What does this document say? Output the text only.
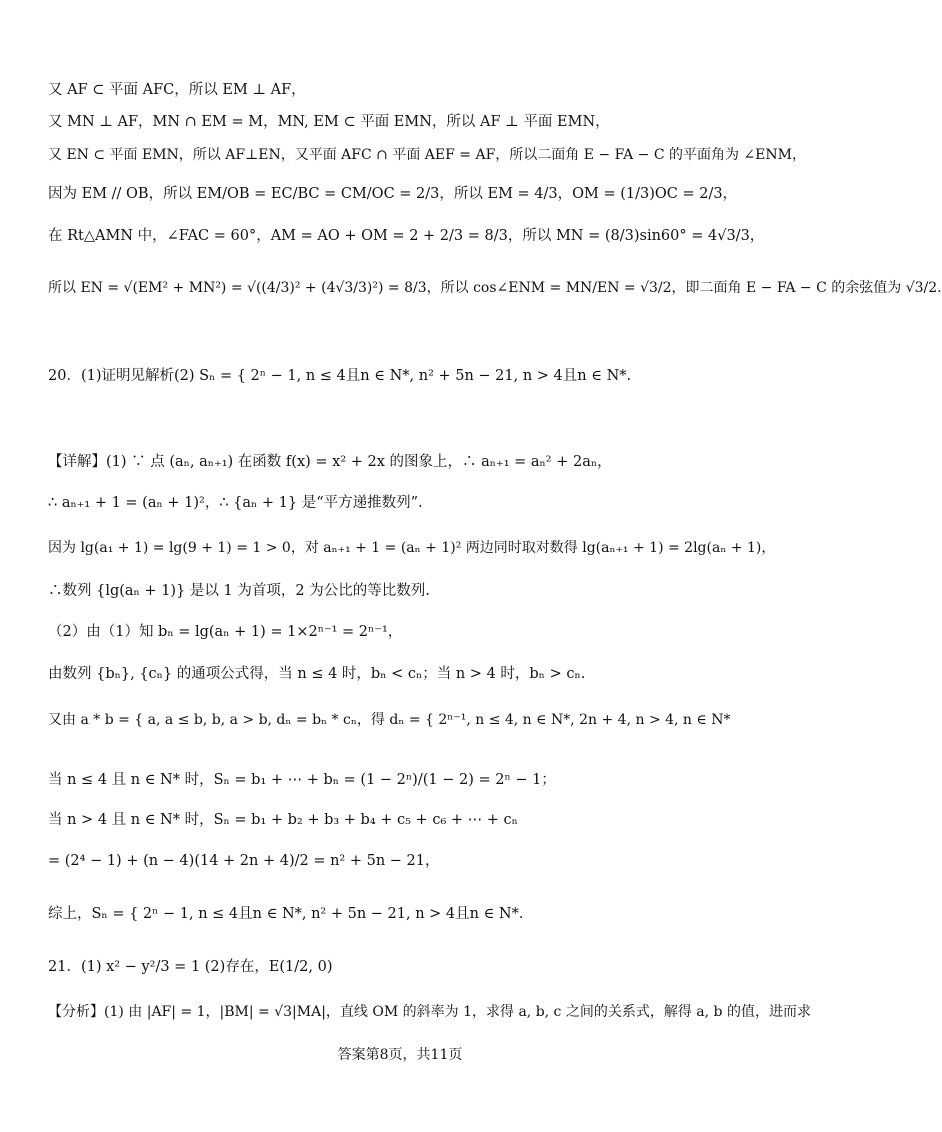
又 AF ⊂ 平面 AFC，所以 EM ⊥ AF，
又 MN ⊥ AF，MN ∩ EM = M，MN, EM ⊂ 平面 EMN，所以 AF ⊥ 平面 EMN，
又 EN ⊂ 平面 EMN，所以 AF⊥EN，又平面 AFC ∩ 平面 AEF = AF，所以二面角 E − FA − C 的平面角为 ∠ENM，
因为 EM // OB，所以 EM/OB = EC/BC = CM/OC = 2/3，所以 EM = 4/3，OM = (1/3)OC = 2/3，
在 Rt△AMN 中，∠FAC = 60°，AM = AO + OM = 2 + 2/3 = 8/3，所以 MN = (8/3)sin60° = 4√3/3，
所以 EN = √(EM² + MN²) = √((4/3)² + (4√3/3)²) = 8/3，所以 cos∠ENM = MN/EN = √3/2，即二面角 E − FA − C 的余弦值为 √3/2.
20．(1)证明见解析(2) Sₙ = { 2ⁿ − 1, n ≤ 4且n ∈ N*, n² + 5n − 21, n > 4且n ∈ N*.
【详解】(1) ∵ 点 (aₙ, aₙ₊₁) 在函数 f(x) = x² + 2x 的图象上，∴ aₙ₊₁ = aₙ² + 2aₙ，
∴ aₙ₊₁ + 1 = (aₙ + 1)²，∴ {aₙ + 1} 是“平方递推数列”.
因为 lg(a₁ + 1) = lg(9 + 1) = 1 > 0，对 aₙ₊₁ + 1 = (aₙ + 1)² 两边同时取对数得 lg(aₙ₊₁ + 1) = 2lg(aₙ + 1)，
∴数列 {lg(aₙ + 1)} 是以 1 为首项，2 为公比的等比数列.
（2）由（1）知 bₙ = lg(aₙ + 1) = 1×2ⁿ⁻¹ = 2ⁿ⁻¹，
由数列 {bₙ}, {cₙ} 的通项公式得，当 n ≤ 4 时，bₙ < cₙ；当 n > 4 时，bₙ > cₙ.
又由 a * b = { a, a ≤ b, b, a > b, dₙ = bₙ * cₙ，得 dₙ = { 2ⁿ⁻¹, n ≤ 4, n ∈ N*, 2n + 4, n > 4, n ∈ N*
当 n ≤ 4 且 n ∈ N* 时，Sₙ = b₁ + ⋯ + bₙ = (1 − 2ⁿ)/(1 − 2) = 2ⁿ − 1；
当 n > 4 且 n ∈ N* 时，Sₙ = b₁ + b₂ + b₃ + b₄ + c₅ + c₆ + ⋯ + cₙ
= (2⁴ − 1) + (n − 4)(14 + 2n + 4)/2 = n² + 5n − 21，
综上，Sₙ = { 2ⁿ − 1, n ≤ 4且n ∈ N*, n² + 5n − 21, n > 4且n ∈ N*.
21．(1) x² − y²/3 = 1 (2)存在，E(1/2, 0)
【分析】(1) 由 |AF| = 1，|BM| = √3|MA|，直线 OM 的斜率为 1，求得 a, b, c 之间的关系式，解得 a, b 的值，进而求
答案第8页，共11页
